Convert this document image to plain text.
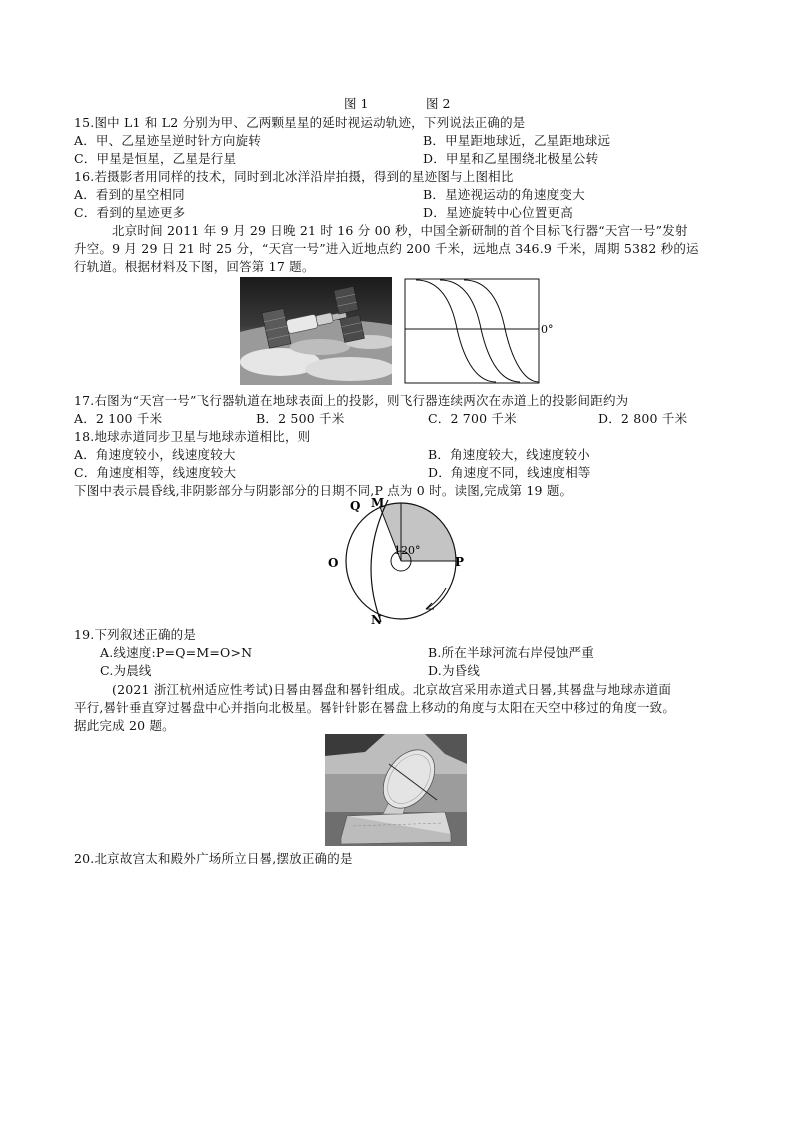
图 1	图 2
15.图中 L1 和 L2 分别为甲、乙两颗星星的延时视运动轨迹，下列说法正确的是
A．甲、乙星迹呈逆时针方向旋转	B．甲星距地球近，乙星距地球远
C．甲星是恒星，乙星是行星	D．甲星和乙星围绕北极星公转
16.若摄影者用同样的技术，同时到北冰洋沿岸拍摄，得到的星迹图与上图相比
A．看到的星空相同	B．星迹视运动的角速度变大
C．看到的星迹更多	D．星迹旋转中心位置更高
北京时间 2011 年 9 月 29 日晚 21 时 16 分 00 秒，中国全新研制的首个目标飞行器“天宫一号”发射
升空。9 月 29 日 21 时 25 分，“天宫一号”进入近地点约 200 千米，远地点 346.9 千米，周期 5382 秒的运
行轨道。根据材料及下图，回答第 17 题。
0°
17.右图为“天宫一号”飞行器轨道在地球表面上的投影，则飞行器连续两次在赤道上的投影间距约为
A．2 100 千米	B．2 500 千米	C．2 700 千米	D．2 800 千米
18.地球赤道同步卫星与地球赤道相比，则
A．角速度较小，线速度较大	B．角速度较大，线速度较小
C．角速度相等，线速度较大	D．角速度不同，线速度相等
下图中表示晨昏线,非阴影部分与阴影部分的日期不同,P 点为 0 时。读图,完成第 19 题。
Q M
O	P
N
120°
19.下列叙述正确的是
A.线速度:P=Q=M=O>N	B.所在半球河流右岸侵蚀严重
C.为晨线	D.为昏线
(2021 浙江杭州适应性考试)日晷由晷盘和晷针组成。北京故宫采用赤道式日晷,其晷盘与地球赤道面
平行,晷针垂直穿过晷盘中心并指向北极星。晷针针影在晷盘上移动的角度与太阳在天空中移过的角度一致。
据此完成 20 题。
20.北京故宫太和殿外广场所立日晷,摆放正确的是
